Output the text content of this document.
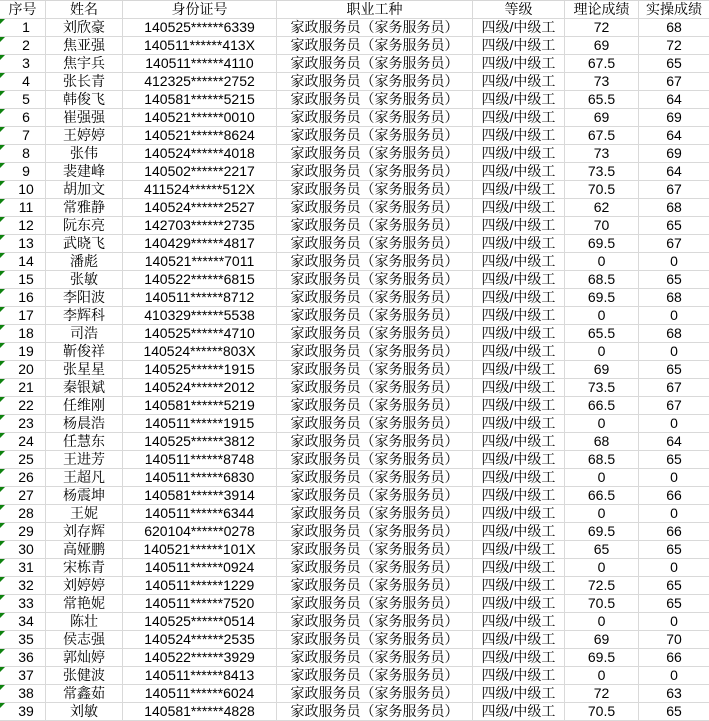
序号	姓名	身份证号	职业工种	等级	理论成绩	实操成绩
1 刘欣豪	140525******6339	家政服务员（家务服务员） 四级/中级工	72	68
2 焦亚强	140511******413X	家政服务员（家务服务员） 四级/中级工	69	72
3 焦宇兵	140511******4110	家政服务员（家务服务员） 四级/中级工 67.5	65
4 张长青	412325******2752	家政服务员（家务服务员） 四级/中级工	73	67
5 韩俊飞	140581******5215	家政服务员（家务服务员） 四级/中级工 65.5	64
6 崔强强	140521******0010	家政服务员（家务服务员） 四级/中级工	69	69
7 王婷婷	140521******8624	家政服务员（家务服务员） 四级/中级工 67.5	64
8	张伟	140524******4018	家政服务员（家务服务员） 四级/中级工	73	69
9 裴建峰	140502******2217	家政服务员（家务服务员） 四级/中级工 73.5	64
10 胡加文	411524******512X	家政服务员（家务服务员） 四级/中级工 70.5	67
11 常雅静	140524******2527	家政服务员（家务服务员） 四级/中级工	62	68
12 阮东亮	142703******2735	家政服务员（家务服务员） 四级/中级工	70	65
13 武晓飞	140429******4817	家政服务员（家务服务员） 四级/中级工 69.5	67
14	潘彪	140521******7011	家政服务员（家务服务员） 四级/中级工	0	0
15	张敏	140522******6815	家政服务员（家务服务员） 四级/中级工 68.5	65
16 李阳波	140511******8712	家政服务员（家务服务员） 四级/中级工 69.5	68
17 李辉科	410329******5538	家政服务员（家务服务员） 四级/中级工	0	0
18	司浩	140525******4710	家政服务员（家务服务员） 四级/中级工 65.5	68
19 靳俊祥	140524******803X 家政服务员（家务服务员） 四级/中级工	0	0
20 张星星	140525******1915	家政服务员（家务服务员） 四级/中级工	69	65
21 秦银斌	140524******2012	家政服务员（家务服务员） 四级/中级工 73.5	67
22 任维刚	140581******5219	家政服务员（家务服务员） 四级/中级工 66.5	67
23 杨晨浩	140511******1915	家政服务员（家务服务员） 四级/中级工	0	0
24 任慧东	140525******3812	家政服务员（家务服务员） 四级/中级工	68	64
25 王进芳	140511******8748	家政服务员（家务服务员） 四级/中级工 68.5	65
26 王超凡	140511******6830	家政服务员（家务服务员） 四级/中级工	0	0
27 杨震坤	140581******3914	家政服务员（家务服务员） 四级/中级工 66.5	66
28	王妮	140511******6344	家政服务员（家务服务员） 四级/中级工	0	0
29 刘存辉	620104******0278	家政服务员（家务服务员） 四级/中级工 69.5	66
30 高娅鹏	140521******101X 家政服务员（家务服务员） 四级/中级工	65	65
31 宋栋青	140511******0924	家政服务员（家务服务员） 四级/中级工	0	0
32 刘婷婷	140511******1229	家政服务员（家务服务员） 四级/中级工 72.5	65
33 常艳妮	140511******7520	家政服务员（家务服务员） 四级/中级工 70.5	65
34	陈壮	140525******0514	家政服务员（家务服务员） 四级/中级工	0	0
35 侯志强	140524******2535	家政服务员（家务服务员） 四级/中级工	69	70
36 郭灿婷	140522******3929	家政服务员（家务服务员） 四级/中级工 69.5	66
37 张健波	140511******8413	家政服务员（家务服务员） 四级/中级工	0	0
38 常鑫茹	140511******6024	家政服务员（家务服务员） 四级/中级工	72	63
39	刘敏	140581******4828	家政服务员（家务服务员） 四级/中级工 70.5	65
